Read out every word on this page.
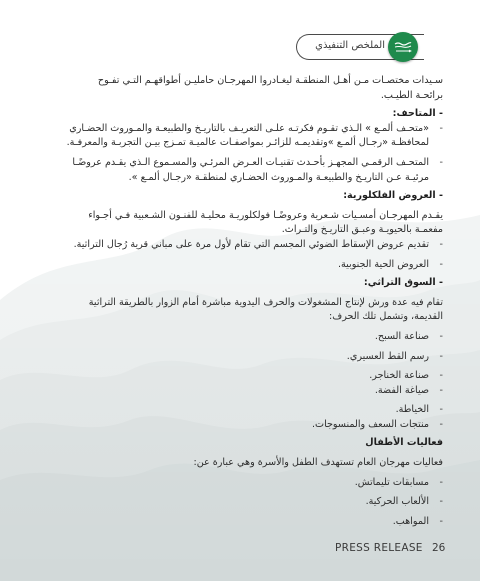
الملخص التنفيذي

سـيدات مختصـات مـن أهـل المنطقـة ليغـادروا المهرجـان حامليـن أطواقهـم التـي تفـوح

برائحـة الطيـب.

- المتاحف:

- «متحـف ألمـع » الـذي تقـوم فكرتـه علـى التعريـف بالتاريـخ والطبيعـة والمـوروث الحضـاري

لمحافظـة «رجـال ألمـع »وتقديمـه للزائـر بمواصفـات عالميـة تمـزج بيـن التجربـة والمعرفـة.

- المتحـف الرقمـي المجهـز بأحـدث تقنيـات العـرض المرئـي والمسـموع الـذي يقـدم عروضًـا

مرئيـة عـن التاريـخ والطبيعـة والمـوروث الحضـاري لمنطقـة «رجـال ألمـع ».

- العروض الفلكلورية:

يقـدم المهرجـان أمسـيات شـعرية وعروضًـا فولكلوريـة محليـة للفنـون الشـعبية فـي أجـواء

مفعمـة بالحيويـة وعبـق التاريـخ والتـراث.

- تقديم عروض الإسقاط الضوئي المجسم التي تقام لأول مرة على مباني قرية رُجال التراثية.

- العروض الحية الجنوبية.

- السوق التراثي:

تقام فيه عدة ورش لإنتاج المشغولات والحرف اليدوية مباشرة أمام الزوار بالطريقة التراثية

القديمة، وتشمل تلك الحرف:

- صناعة السبح.

- رسم القط العسيري.

- صناعة الخناجر.

- صياغة الفضة.

- الخياطة.

- منتجات السعف والمنسوجات.

فعاليات الأطفال

فعاليات مهرجان العام تستهدف الطفل والأسرة وهي عبارة عن:

- مسابقات تليماتش.

- الألعاب الحركية.

- المواهب.

PRESS RELEASE 26
